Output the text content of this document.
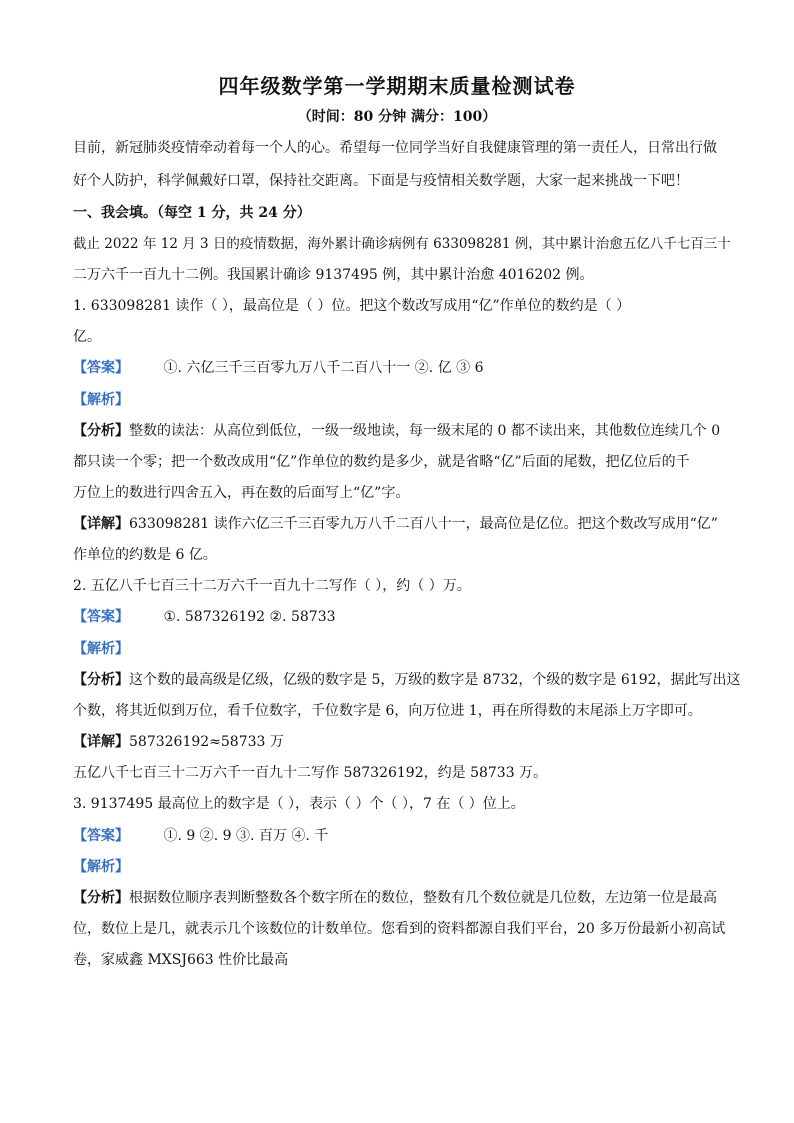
四年级数学第一学期期末质量检测试卷
（时间：80 分钟 满分：100）
目前，新冠肺炎疫情牵动着每一个人的心。希望每一位同学当好自我健康管理的第一责任人，日常出行做
好个人防护，科学佩戴好口罩，保持社交距离。下面是与疫情相关数学题，大家一起来挑战一下吧！
一、我会填。（每空 1 分，共 24 分）
截止 2022 年 12 月 3 日的疫情数据，海外累计确诊病例有 633098281 例，其中累计治愈五亿八千七百三十
二万六千一百九十二例。我国累计确诊 9137495 例，其中累计治愈 4016202 例。
1. 633098281 读作（ ），最高位是（ ）位。把这个数改写成用“亿”作单位的数约是（ ）
亿。
【答案】 ①. 六亿三千三百零九万八千二百八十一 ②. 亿 ③ 6
【解析】
【分析】整数的读法：从高位到低位，一级一级地读，每一级末尾的 0 都不读出来，其他数位连续几个 0
都只读一个零；把一个数改成用“亿”作单位的数约是多少，就是省略“亿”后面的尾数，把亿位后的千
万位上的数进行四舍五入，再在数的后面写上“亿”字。
【详解】633098281 读作六亿三千三百零九万八千二百八十一，最高位是亿位。把这个数改写成用“亿”
作单位的约数是 6 亿。
2. 五亿八千七百三十二万六千一百九十二写作（ ），约（ ）万。
【答案】 ①. 587326192 ②. 58733
【解析】
【分析】这个数的最高级是亿级，亿级的数字是 5，万级的数字是 8732，个级的数字是 6192，据此写出这
个数，将其近似到万位，看千位数字，千位数字是 6，向万位进 1，再在所得数的末尾添上万字即可。
【详解】587326192≈58733 万
五亿八千七百三十二万六千一百九十二写作 587326192，约是 58733 万。
3. 9137495 最高位上的数字是（ ），表示（ ）个（ ），7 在（ ）位上。
【答案】 ①. 9 ②. 9 ③. 百万 ④. 千
【解析】
【分析】根据数位顺序表判断整数各个数字所在的数位，整数有几个数位就是几位数，左边第一位是最高
位，数位上是几，就表示几个该数位的计数单位。您看到的资料都源自我们平台，20 多万份最新小初高试
卷，家威鑫 MXSJ663 性价比最高
